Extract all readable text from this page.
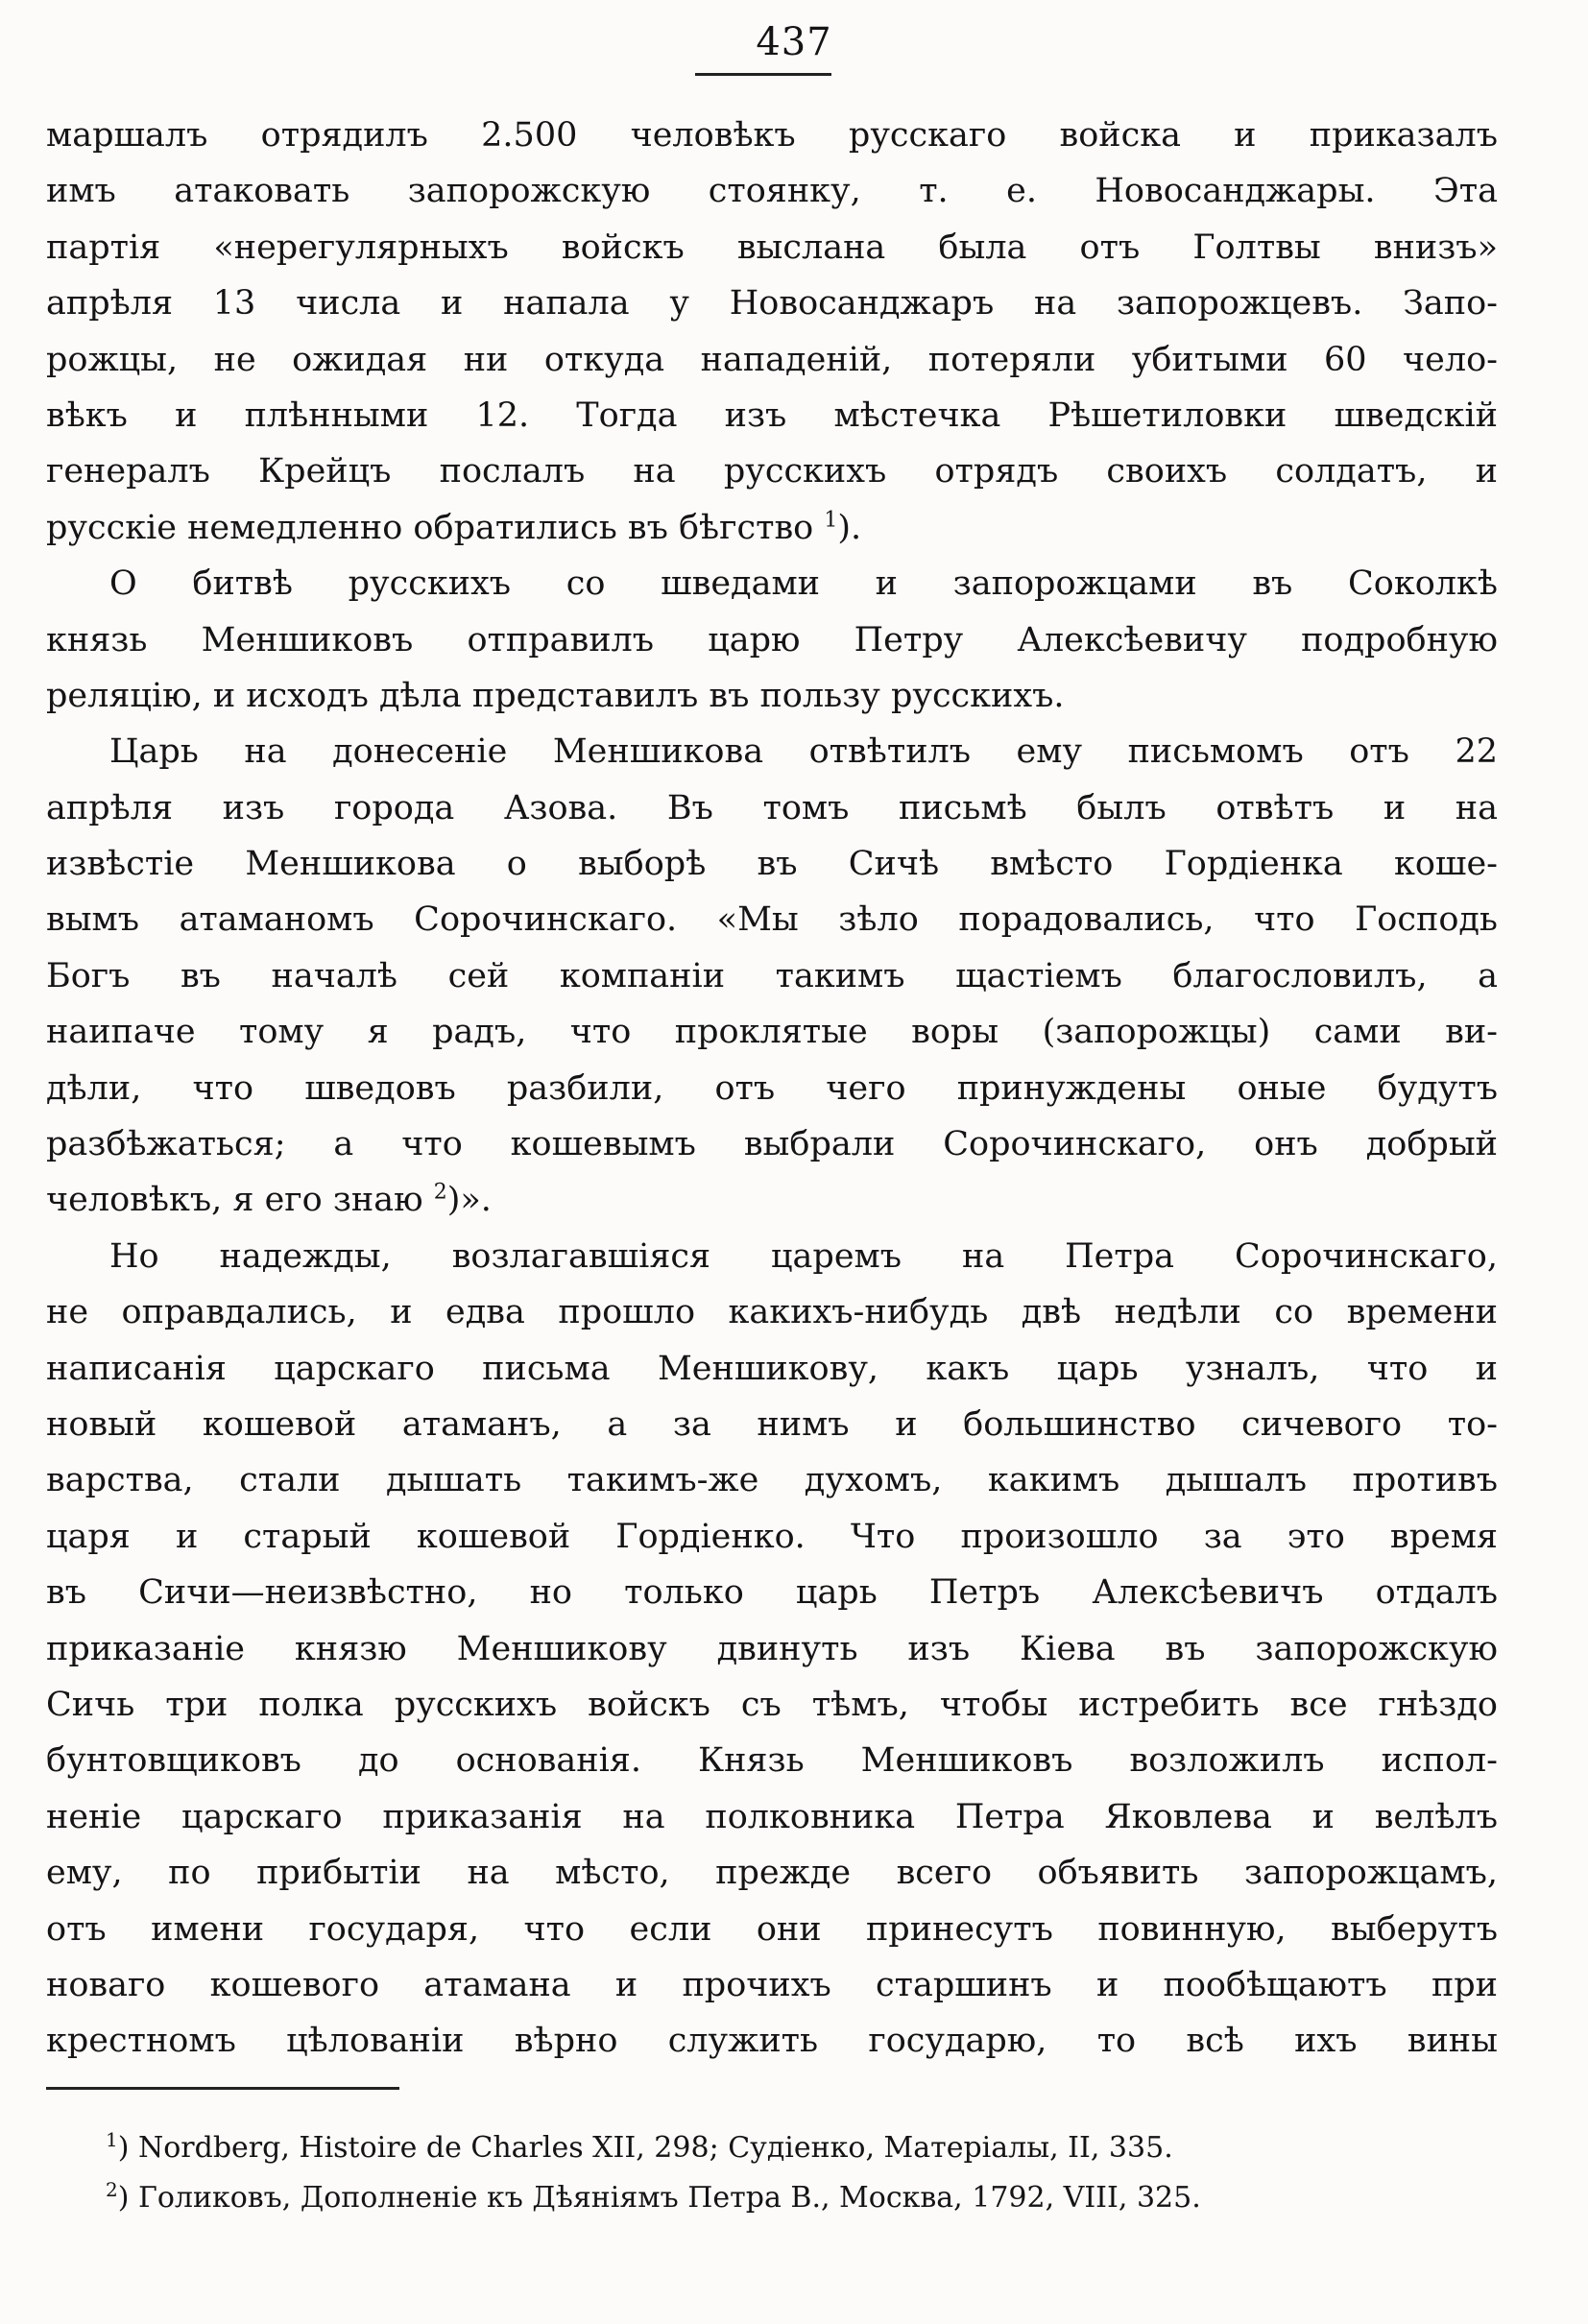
437
маршалъ отрядилъ 2.500 человѣкъ русскаго войска и приказалъ
имъ атаковать запорожскую стоянку, т. е. Новосанджары. Эта
партія «нерегулярныхъ войскъ выслана была отъ Голтвы внизъ»
апрѣля 13 числа и напала у Новосанджаръ на запорожцевъ. Запо-
рожцы, не ожидая ни откуда нападеній, потеряли убитыми 60 чело-
вѣкъ и плѣнными 12. Тогда изъ мѣстечка Рѣшетиловки шведскій
генералъ Крейцъ послалъ на русскихъ отрядъ своихъ солдатъ, и
русскіе немедленно обратились въ бѣгство $^1$).
О битвѣ русскихъ со шведами и запорожцами въ Соколкѣ
князь Меншиковъ отправилъ царю Петру Алексѣевичу подробную
реляцію, и исходъ дѣла представилъ въ пользу русскихъ.
Царь на донесеніе Меншикова отвѣтилъ ему письмомъ отъ 22
апрѣля изъ города Азова. Въ томъ письмѣ былъ отвѣтъ и на
извѣстіе Меншикова о выборѣ въ Сичѣ вмѣсто Гордіенка коше-
вымъ атаманомъ Сорочинскаго. «Мы зѣло порадовались, что Господь
Богъ въ началѣ сей компаніи такимъ щастіемъ благословилъ, а
наипаче тому я радъ, что проклятые воры (запорожцы) сами ви-
дѣли, что шведовъ разбили, отъ чего принуждены оные будутъ
разбѣжаться; а что кошевымъ выбрали Сорочинскаго, онъ добрый
человѣкъ, я его знаю $^2$)».
Но надежды, возлагавшіяся царемъ на Петра Сорочинскаго,
не оправдались, и едва прошло какихъ-нибудь двѣ недѣли со времени
написанія царскаго письма Меншикову, какъ царь узналъ, что и
новый кошевой атаманъ, а за нимъ и большинство сичевого то-
варства, стали дышать такимъ-же духомъ, какимъ дышалъ противъ
царя и старый кошевой Гордіенко. Что произошло за это время
въ Сичи—неизвѣстно, но только царь Петръ Алексѣевичъ отдалъ
приказаніе князю Меншикову двинуть изъ Кіева въ запорожскую
Сичь три полка русскихъ войскъ съ тѣмъ, чтобы истребить все гнѣздо
бунтовщиковъ до основанія. Князь Меншиковъ возложилъ испол-
неніе царскаго приказанія на полковника Петра Яковлева и велѣлъ
ему, по прибытіи на мѣсто, прежде всего объявить запорожцамъ,
отъ имени государя, что если они принесутъ повинную, выберутъ
новаго кошевого атамана и прочихъ старшинъ и пообѣщаютъ при
крестномъ цѣлованіи вѣрно служить государю, то всѣ ихъ вины
$^1$) Nordberg, Histoire de Charles XII, 298; Судіенко, Матеріалы, II, 335.
$^2$) Голиковъ, Дополненіе къ Дѣяніямъ Петра В., Москва, 1792, VIII, 325.
